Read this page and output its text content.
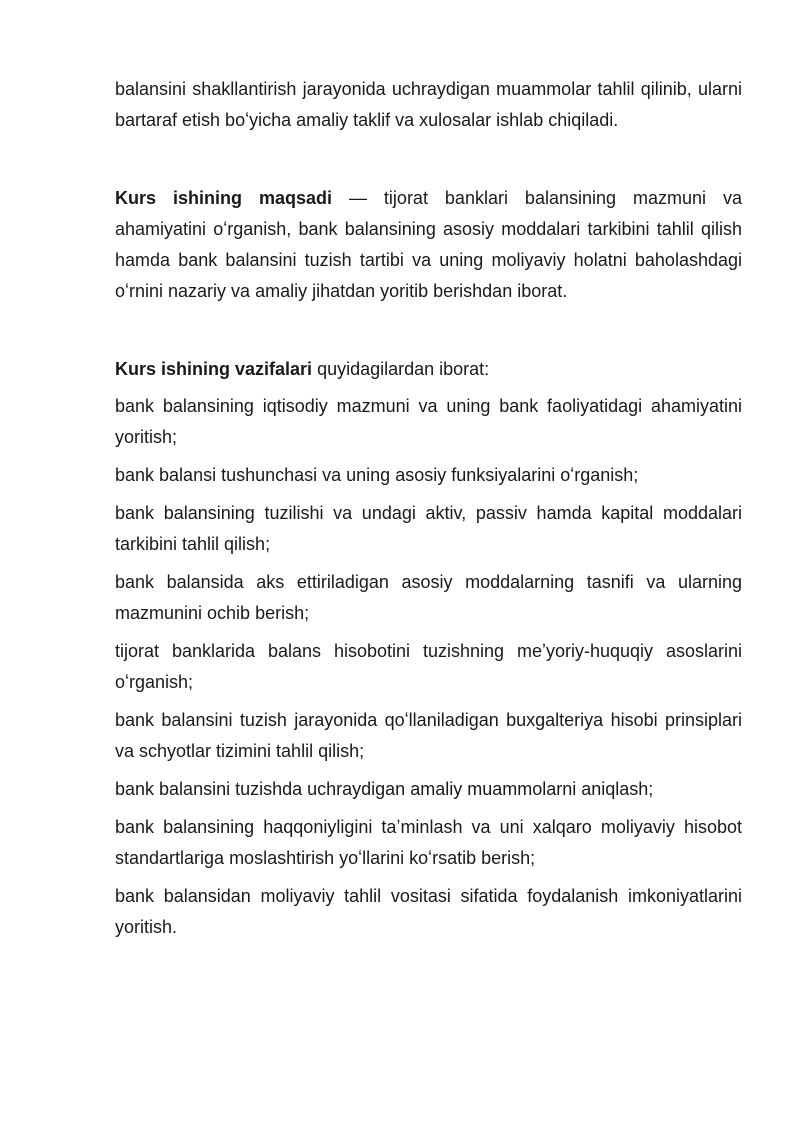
balansini shakllantirish jarayonida uchraydigan muammolar tahlil qilinib, ularni bartaraf etish boʻyicha amaliy taklif va xulosalar ishlab chiqiladi.

Kurs ishining maqsadi — tijorat banklari balansining mazmuni va ahamiyatini oʻrganish, bank balansining asosiy moddalari tarkibini tahlil qilish hamda bank balansini tuzish tartibi va uning moliyaviy holatni baholashdagi oʻrnini nazariy va amaliy jihatdan yoritib berishdan iborat.

Kurs ishining vazifalari quyidagilardan iborat:

bank balansining iqtisodiy mazmuni va uning bank faoliyatidagi ahamiyatini yoritish;

bank balansi tushunchasi va uning asosiy funksiyalarini oʻrganish;

bank balansining tuzilishi va undagi aktiv, passiv hamda kapital moddalari tarkibini tahlil qilish;

bank balansida aks ettiriladigan asosiy moddalarning tasnifi va ularning mazmunini ochib berish;

tijorat banklarida balans hisobotini tuzishning meʼyoriy-huquqiy asoslarini oʻrganish;

bank balansini tuzish jarayonida qoʻllaniladigan buxgalteriya hisobi prinsiplari va schyotlar tizimini tahlil qilish;

bank balansini tuzishda uchraydigan amaliy muammolarni aniqlash;

bank balansining haqqoniyligini taʼminlash va uni xalqaro moliyaviy hisobot standartlariga moslashtirish yoʻllarini koʻrsatib berish;

bank balansidan moliyaviy tahlil vositasi sifatida foydalanish imkoniyatlarini yoritish.
